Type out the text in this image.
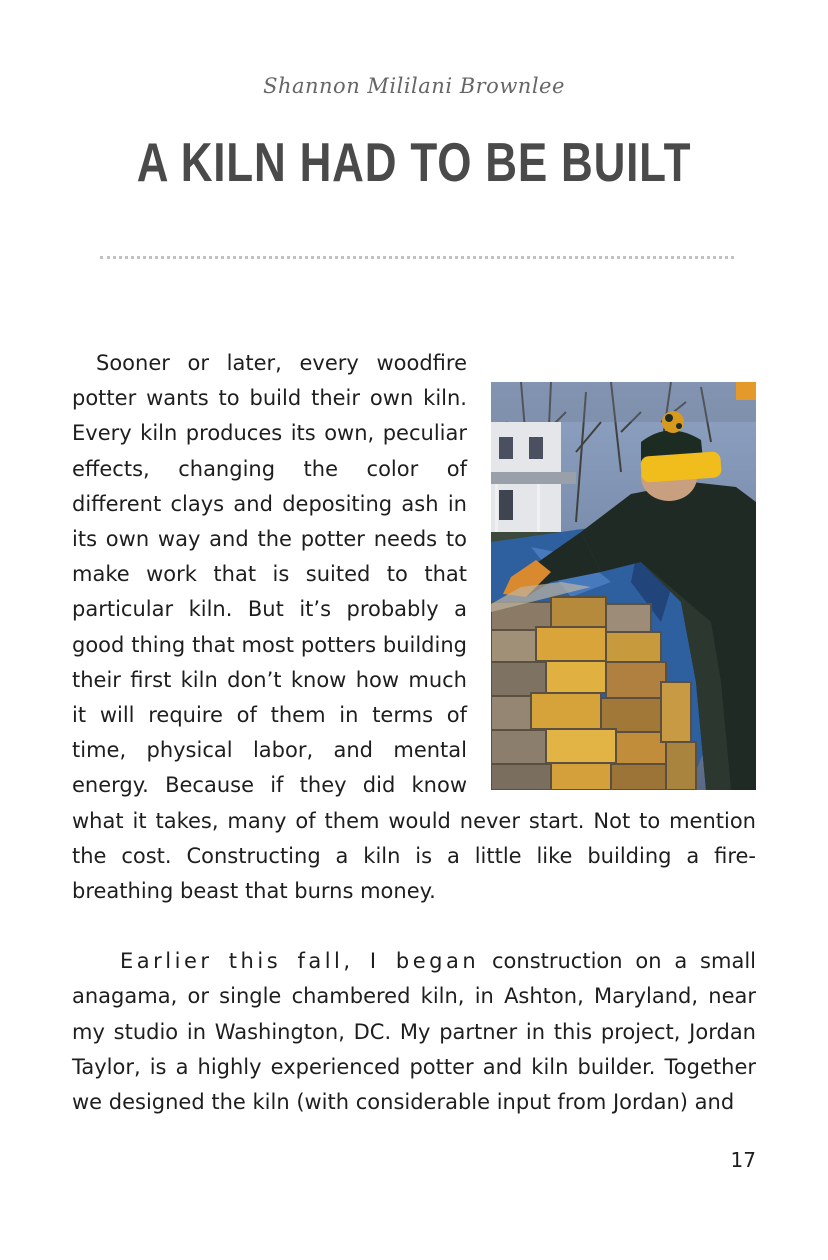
Shannon Mililani Brownlee
A KILN HAD TO BE BUILT

Sooner or later, every woodfire potter wants to build their own kiln. Every kiln produces its own, peculiar effects, changing the color of different clays and depositing ash in its own way and the potter needs to make work that is suited to that particular kiln. But it’s probably a good thing that most potters building their first kiln don’t know how much it will require of them in terms of time, physical labor, and mental energy. Because if they did know what it takes, many of them would never start. Not to mention the cost. Constructing a kiln is a little like building a fire-breathing beast that burns money.

Earlier this fall, I began construction on a small anagama, or single chambered kiln, in Ashton, Maryland, near my studio in Washington, DC. My partner in this project, Jordan Taylor, is a highly experienced potter and kiln builder. Together we designed the kiln (with considerable input from Jordan) and

17
